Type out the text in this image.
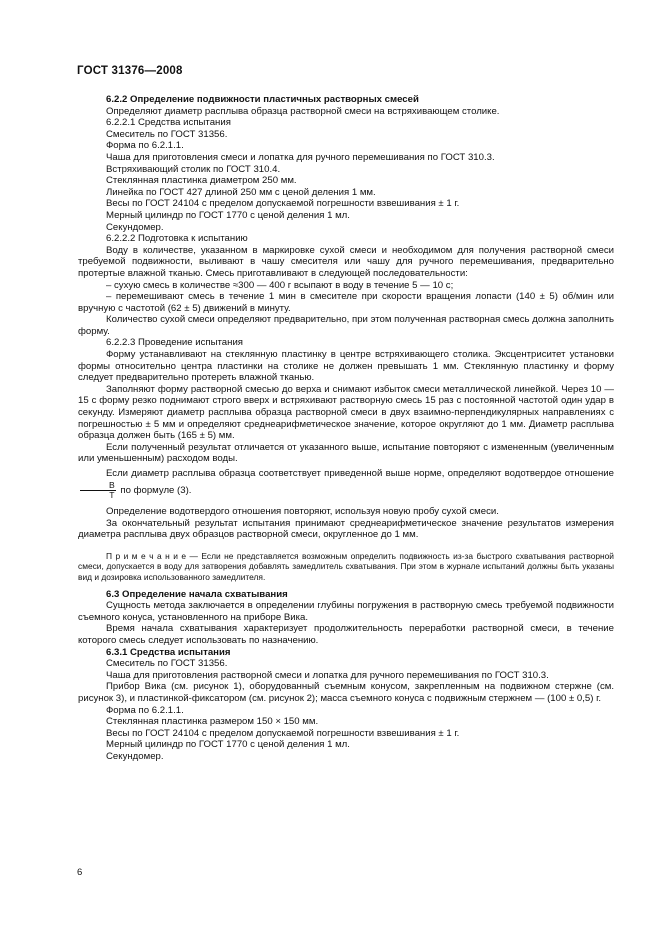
ГОСТ 31376—2008

6.2.2 Определение подвижности пластичных растворных смесей

Определяют диаметр расплыва образца растворной смеси на встряхивающем столике.

6.2.2.1 Средства испытания

Смеситель по ГОСТ 31356.

Форма по 6.2.1.1.

Чаша для приготовления смеси и лопатка для ручного перемешивания по ГОСТ 310.3.

Встряхивающий столик по ГОСТ 310.4.

Стеклянная пластинка диаметром 250 мм.

Линейка по ГОСТ 427 длиной 250 мм с ценой деления 1 мм.

Весы по ГОСТ 24104 с пределом допускаемой погрешности взвешивания ± 1 г.

Мерный цилиндр по ГОСТ 1770 с ценой деления 1 мл.

Секундомер.

6.2.2.2 Подготовка к испытанию

Воду в количестве, указанном в маркировке сухой смеси и необходимом для получения растворной смеси требуемой подвижности, выливают в чашу смесителя или чашу для ручного перемешивания, предварительно протертые влажной тканью. Смесь приготавливают в следующей последовательности:

– сухую смесь в количестве ≈300 — 400 г всыпают в воду в течение 5 — 10 с;

– перемешивают смесь в течение 1 мин в смесителе при скорости вращения лопасти (140 ± 5) об/мин или вручную с частотой (62 ± 5) движений в минуту.

Количество сухой смеси определяют предварительно, при этом полученная растворная смесь должна заполнить форму.

6.2.2.3 Проведение испытания

Форму устанавливают на стеклянную пластинку в центре встряхивающего столика. Эксцентриситет установки формы относительно центра пластинки на столике не должен превышать 1 мм. Стеклянную пластинку и форму следует предварительно протереть влажной тканью.

Заполняют форму растворной смесью до верха и снимают избыток смеси металлической линейкой. Через 10 — 15 с форму резко поднимают строго вверх и встряхивают растворную смесь 15 раз с постоянной частотой один удар в секунду. Измеряют диаметр расплыва образца растворной смеси в двух взаимно-перпендикулярных направлениях с погрешностью ± 5 мм и определяют среднеарифметическое значение, которое округляют до 1 мм. Диаметр расплыва образца должен быть (165 ± 5) мм.

Если полученный результат отличается от указанного выше, испытание повторяют с измененным (увеличенным или уменьшенным) расходом воды.

Если диаметр расплыва образца соответствует приведенной выше норме, определяют водотвердое отношение
$\frac{В}{Т}$ по формуле (3).

Определение водотвердого отношения повторяют, используя новую пробу сухой смеси.

За окончательный результат испытания принимают среднеарифметическое значение результатов измерения диаметра расплыва двух образцов растворной смеси, округленное до 1 мм.

П р и м е ч а н и е — Если не представляется возможным определить подвижность из-за быстрого схватывания растворной смеси, допускается в воду для затворения добавлять замедлитель схватывания. При этом в журнале испытаний должны быть указаны вид и дозировка использованного замедлителя.

6.3 Определение начала схватывания

Сущность метода заключается в определении глубины погружения в растворную смесь требуемой подвижности съемного конуса, установленного на приборе Вика.

Время начала схватывания характеризует продолжительность переработки растворной смеси, в течение которого смесь следует использовать по назначению.

6.3.1 Средства испытания

Смеситель по ГОСТ 31356.

Чаша для приготовления растворной смеси и лопатка для ручного перемешивания по ГОСТ 310.3.

Прибор Вика (см. рисунок 1), оборудованный съемным конусом, закрепленным на подвижном стержне (см. рисунок 3), и пластинкой-фиксатором (см. рисунок 2); масса съемного конуса с подвижным стержнем — (100 ± 0,5) г.

Форма по 6.2.1.1.

Стеклянная пластинка размером 150 × 150 мм.

Весы по ГОСТ 24104 с пределом допускаемой погрешности взвешивания ± 1 г.

Мерный цилиндр по ГОСТ 1770 с ценой деления 1 мл.

Секундомер.

6
